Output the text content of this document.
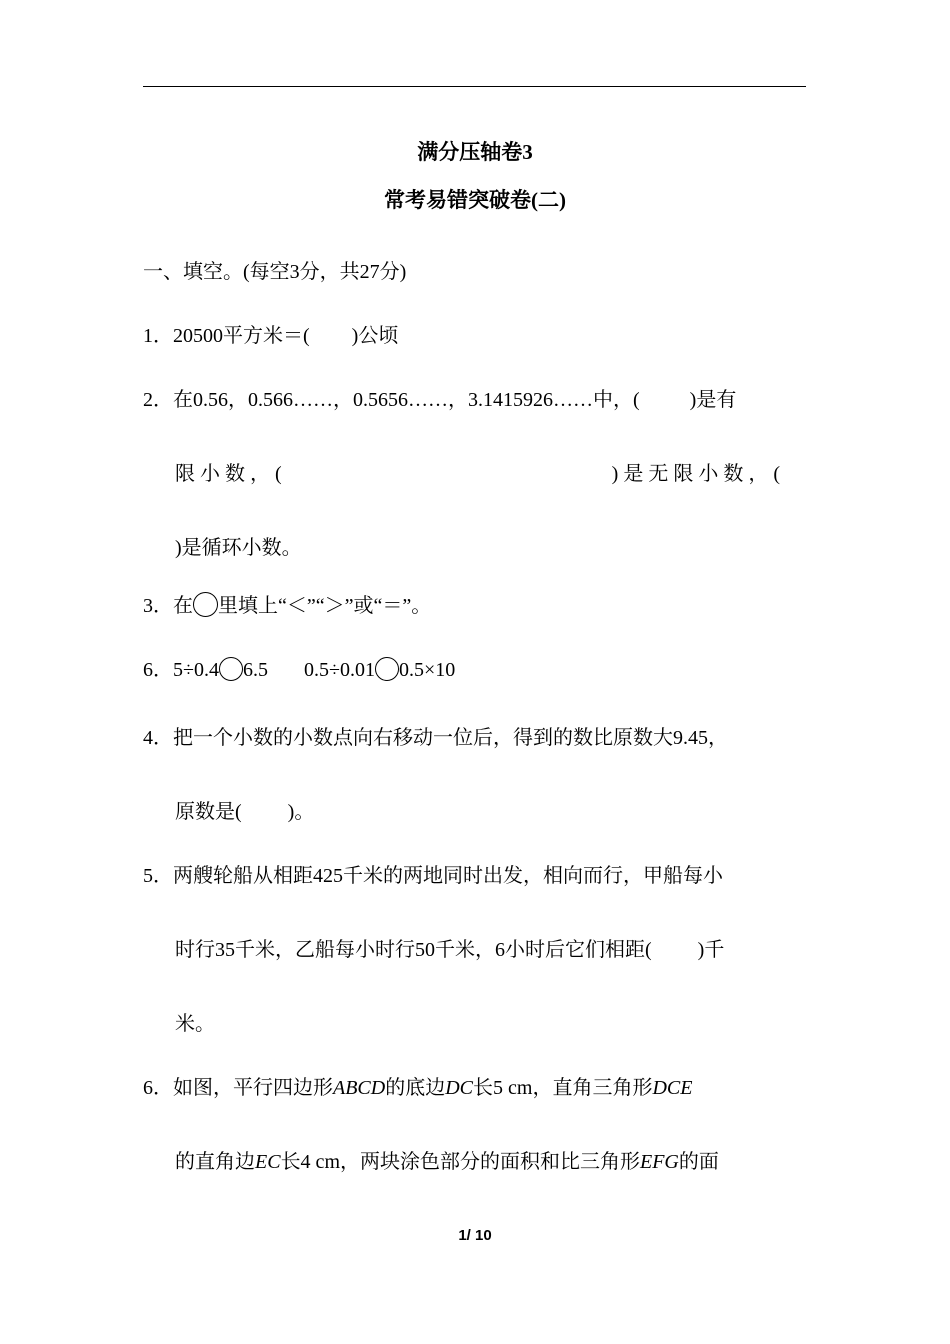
满分压轴卷3
常考易错突破卷(二)
一、填空。(每空3分，共27分)
1．20500平方米＝( )公顷
2．在0.56，0.566……，0.5656……，3.1415926……中，(	)是有
限 小 数 ， (	) 是 无 限 小 数 ， (
)是循环小数。
3．在 里填上“＜”“＞”或“＝”。
6．5÷0.4 6.5 0.5÷0.01 0.5×10
4．把一个小数的小数点向右移动一位后，得到的数比原数大9.45，
原数是( )。
5．两艘轮船从相距425千米的两地同时出发，相向而行，甲船每小
时行35千米，乙船每小时行50千米，6小时后它们相距( )千
米。
6．如图，平行四边形ABCD的底边DC长5 cm，直角三角形DCE
的直角边EC长4 cm，两块涂色部分的面积和比三角形EFG的面
1/ 10
